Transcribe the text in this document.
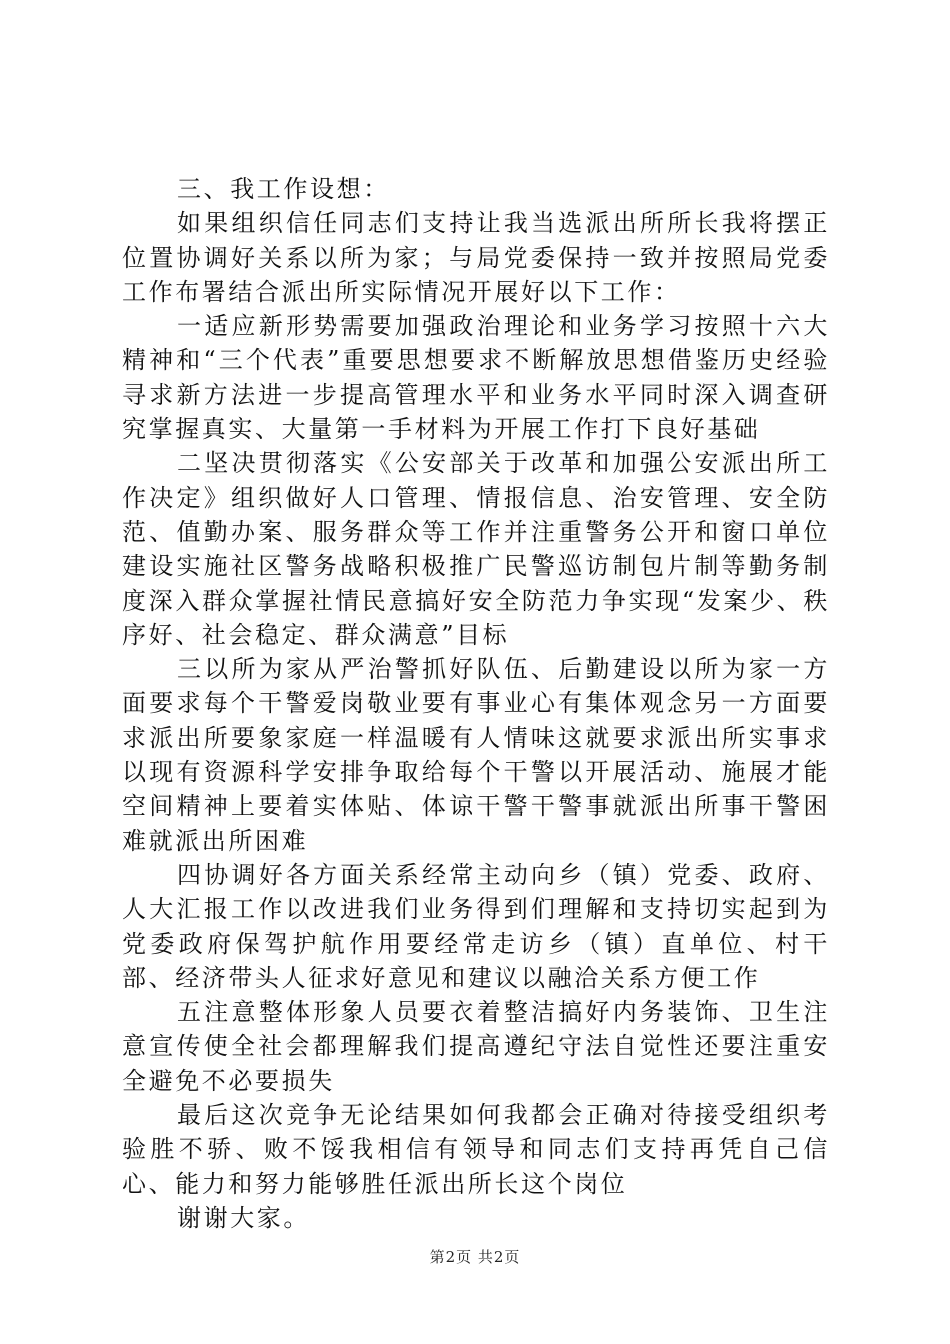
三、我工作设想：

如果组织信任同志们支持让我当选派出所所长我将摆正位置协调好关系以所为家；与局党委保持一致并按照局党委工作布署结合派出所实际情况开展好以下工作：

一适应新形势需要加强政治理论和业务学习按照十六大精神和“三个代表”重要思想要求不断解放思想借鉴历史经验寻求新方法进一步提高管理水平和业务水平同时深入调查研究掌握真实、大量第一手材料为开展工作打下良好基础

二坚决贯彻落实《公安部关于改革和加强公安派出所工作决定》组织做好人口管理、情报信息、治安管理、安全防范、值勤办案、服务群众等工作并注重警务公开和窗口单位建设实施社区警务战略积极推广民警巡访制包片制等勤务制度深入群众掌握社情民意搞好安全防范力争实现“发案少、秩序好、社会稳定、群众满意”目标

三以所为家从严治警抓好队伍、后勤建设以所为家一方面要求每个干警爱岗敬业要有事业心有集体观念另一方面要求派出所要象家庭一样温暖有人情味这就要求派出所实事求以现有资源科学安排争取给每个干警以开展活动、施展才能空间精神上要着实体贴、体谅干警干警事就派出所事干警困难就派出所困难

四协调好各方面关系经常主动向乡（镇）党委、政府、人大汇报工作以改进我们业务得到们理解和支持切实起到为党委政府保驾护航作用要经常走访乡（镇）直单位、村干部、经济带头人征求好意见和建议以融洽关系方便工作

五注意整体形象人员要衣着整洁搞好内务装饰、卫生注意宣传使全社会都理解我们提高遵纪守法自觉性还要注重安全避免不必要损失

最后这次竞争无论结果如何我都会正确对待接受组织考验胜不骄、败不馁我相信有领导和同志们支持再凭自己信心、能力和努力能够胜任派出所长这个岗位

谢谢大家。

第2页 共2页
